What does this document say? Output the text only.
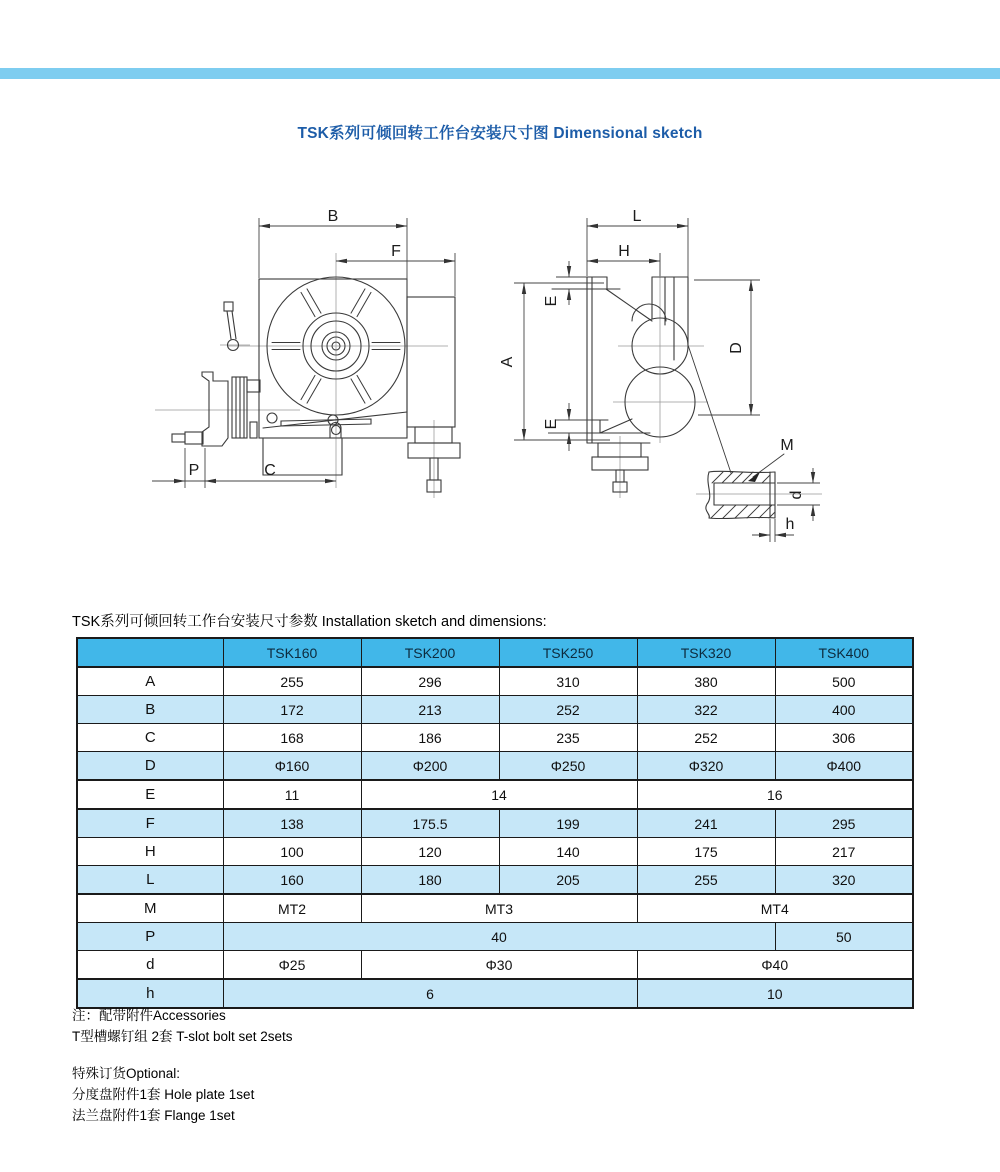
TSK系列可倾回转工作台安装尺寸图 Dimensional sketch
B
F
P	C
A
L
H
E
E
D
M
d
h
TSK系列可倾回转工作台安装尺寸参数 Installation sketch and dimensions:
	TSK160	TSK200	TSK250	TSK320	TSK400
A	255	296	310	380	500
B	172	213	252	322	400
C	168	186	235	252	306
D	Φ160	Φ200	Φ250	Φ320	Φ400
E	11	14		16	
F	138	175.5	199	241	295
H	100	120	140	175	217
L	160	180	205	255	320
M	MT2	MT3		MT4	
P	40				50
d	Φ25	Φ30		Φ40	
h	6			10	
注：配带附件Accessories
T型槽螺钉组 2套 T-slot bolt set 2sets
特殊订货Optional:
分度盘附件1套 Hole plate 1set
法兰盘附件1套 Flange 1set
